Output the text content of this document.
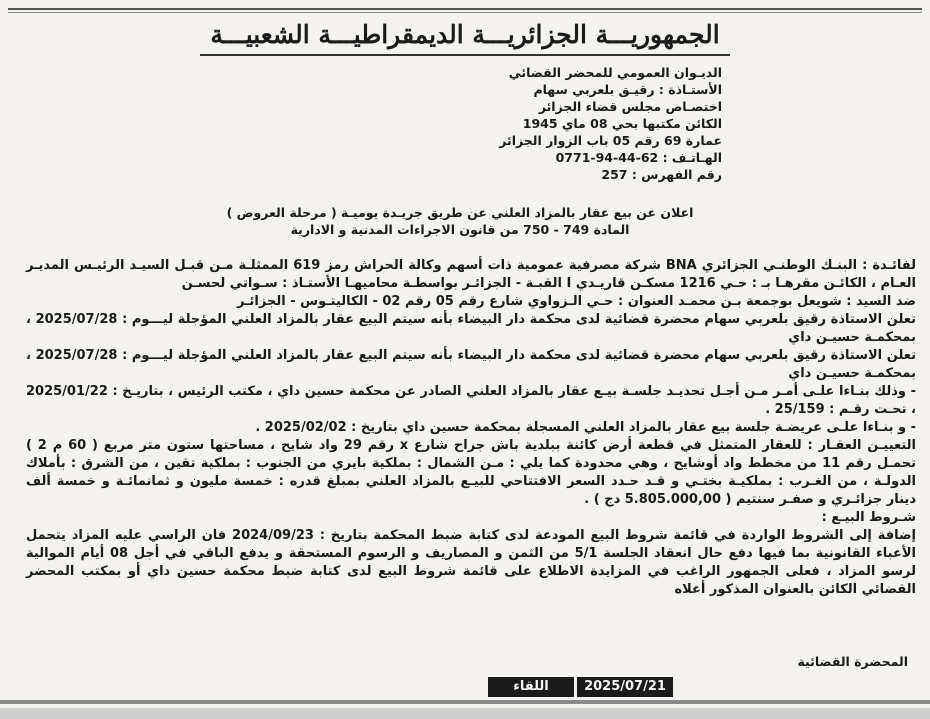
الجمهوريـــة الجزائريـــة الديمقراطيـــة الشعبيـــة
الديـوان العمومي للمحضر القضائي
الأستـاذة : رقيـق بلعربي سهام
اختصـاص مجلس قضاء الجزائر
الكائن مكتبها بحي 08 ماي 1945
عمارة 69 رقم 05 باب الزوار الجزائر
الهـاتـف : 62-44-94-0771
رقم الفهرس : 257
اعلان عن بيع عقار بالمزاد العلني عن طريق جريـدة يوميـة ( مرحلة العروض )
المادة 749 - 750 من قانون الاجراءات المدنية و الادارية

لفائـدة : البنـك الوطنـي الجزائري BNA شركة مصرفية عمومية ذات أسهم وكالة الحراش رمز 619 الممثلـة مـن قبـل السيـد الرئيـس المديـر العـام ، الكائـن مقرهـا بـ : حـي 1216 مسكـن قاريـدي I القبـة - الجزائـر بواسطـة محاميهـا الأستـاذ : سـواتي لحسـن

ضد السيد : شويعل بوجمعة بـن محمـد العنوان : حـي الـزواوي شارع رقم 05 رقم 02 - الكاليتـوس - الجزائـر

تعلن الاستاذة رقيق بلعربي سهام محضرة قضائية لدى محكمة دار البيضاء بأنه سيتم البيع عقار بالمزاد العلني المؤجلة ليـــوم : 2025/07/28 ، بمحكمـة حسيـن داي

تعلن الاستاذة رقيق بلعربي سهام محضرة قضائية لدى محكمة دار البيضاء بأنه سيتم البيع عقار بالمزاد العلني المؤجلة ليـــوم : 2025/07/28 ، بمحكمـة حسيـن داي

- وذلك بنـاءا علـى أمـر مـن أجـل تحديـد جلسـة بيـع عقار بالمزاد العلني الصادر عن محكمة حسين داي ، مكتب الرئيس ، بتاريـخ : 2025/01/22 ، تحـت رقـم : 25/159 .

- و بنـاءا علـى عريضـة جلسة بيع عقار بالمزاد العلني المسجلة بمحكمة حسين داي بتاريخ : 2025/02/02 .

التعييـن العقـار : للعقار المتمثل في قطعة أرض كائنة ببلدية باش جراح شارع x رقم 29 واد شايح ، مساحتها ستون متر مربع ( 60 م 2 ) تحمـل رقم 11 من مخطط واد أوشايح ، وهي محدودة كما يلي : مـن الشمال : بملكية بايري من الجنوب : بملكية تقين ، من الشرق : بأملاك الدولـة ، من الغـرب : بملكيـة بختـي و قـد حـدد السعر الافتتاحي للبيـع بالمزاد العلني بمبلغ قدره : خمسة مليون و ثمانمائـة و خمسة ألف دينار جزائـري و صفـر سنتيم ( 5.805.000,00 دج ) .

شـروط البيـع :

إضافة إلى الشروط الواردة في قائمة شروط البيع المودعة لدى كتابة ضبط المحكمة بتاريخ : 2024/09/23 فان الراسي عليه المزاد يتحمل الأعباء القانونية بما فيها دفع حال انعقاد الجلسة 5/1 من الثمن و المصاريف و الرسوم المستحقة و يدفع الباقي في أجل 08 أيام الموالية لرسو المزاد ، فعلى الجمهور الراغب في المزايدة الاطلاع على قائمة شروط البيع لدى كتابة ضبط محكمة حسين داي أو بمكتب المحضر القضائي الكائن بالعنوان المذكور أعلاه

المحضرة القضائية
اللقاء	2025/07/21
